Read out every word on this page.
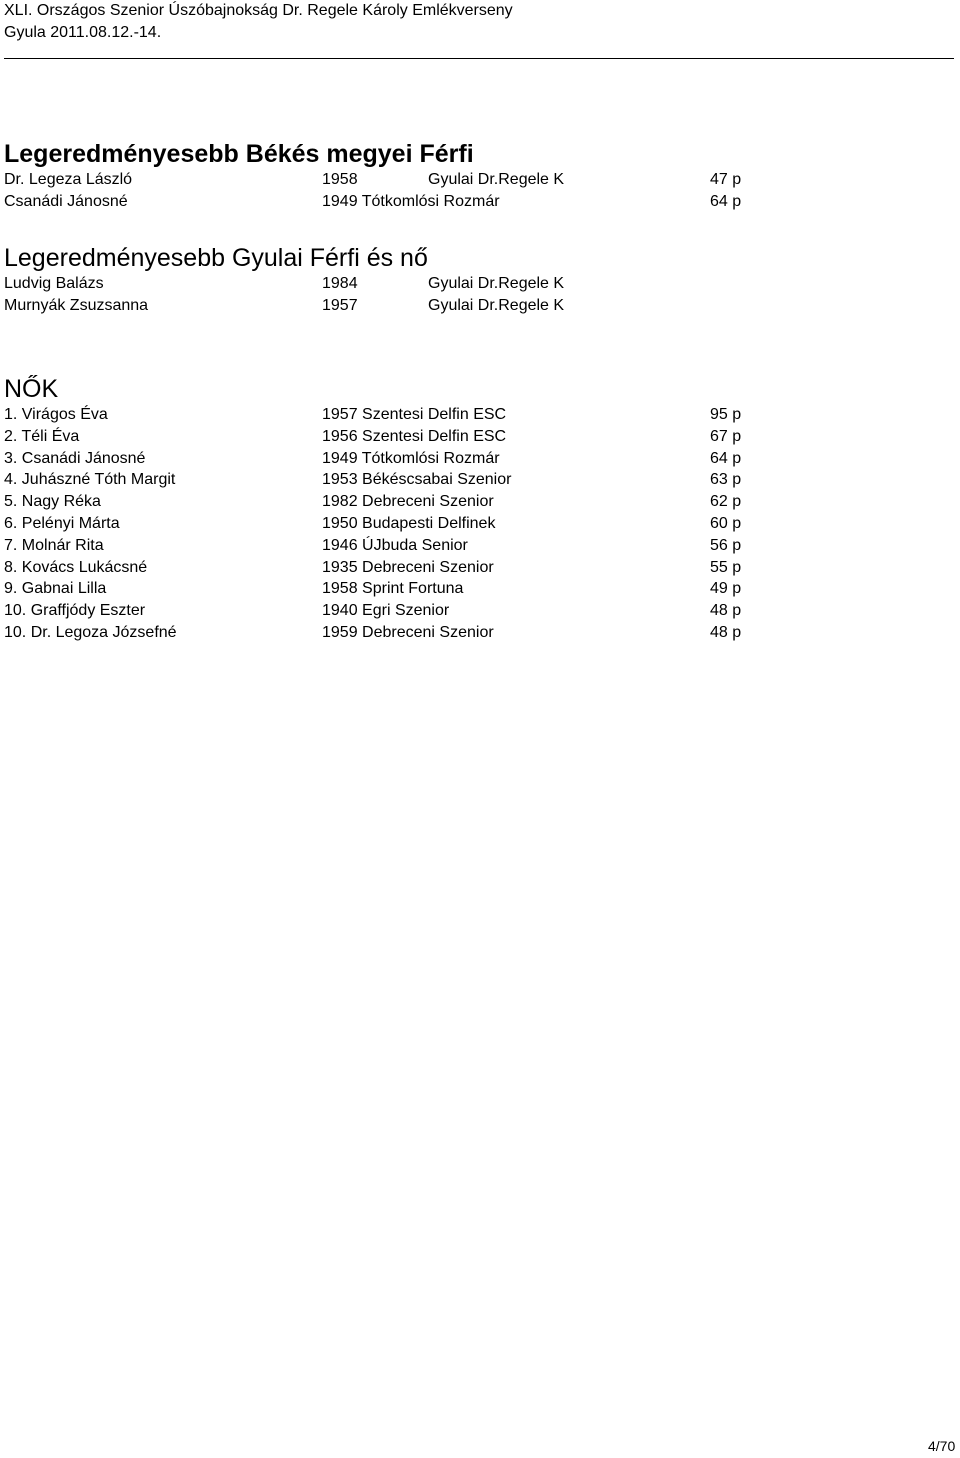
XLI. Országos Szenior Úszóbajnokság Dr. Regele Károly Emlékverseny
Gyula 2011.08.12.-14.
Legeredményesebb Békés megyei Férfi
Dr. Legeza László	1958	Gyulai Dr.Regele K	47 p
Csanádi Jánosné	1949 Tótkomlósi Rozmár	64 p
Legeredményesebb Gyulai Férfi és nő
Ludvig Balázs	1984	Gyulai Dr.Regele K
Murnyák Zsuzsanna	1957	Gyulai Dr.Regele K
NŐK
1. Virágos Éva	1957 Szentesi Delfin ESC	95 p
2. Téli Éva	1956 Szentesi Delfin ESC	67 p
3. Csanádi Jánosné	1949 Tótkomlósi Rozmár	64 p
4. Juhászné Tóth Margit	1953 Békéscsabai Szenior	63 p
5. Nagy Réka	1982 Debreceni Szenior	62 p
6. Pelényi Márta	1950 Budapesti Delfinek	60 p
7. Molnár Rita	1946 ÚJbuda Senior	56 p
8. Kovács Lukácsné	1935 Debreceni Szenior	55 p
9. Gabnai Lilla	1958 Sprint Fortuna	49 p
10. Graffjódy Eszter	1940 Egri Szenior	48 p
10. Dr. Legoza Józsefné	1959 Debreceni Szenior	48 p
4/70
